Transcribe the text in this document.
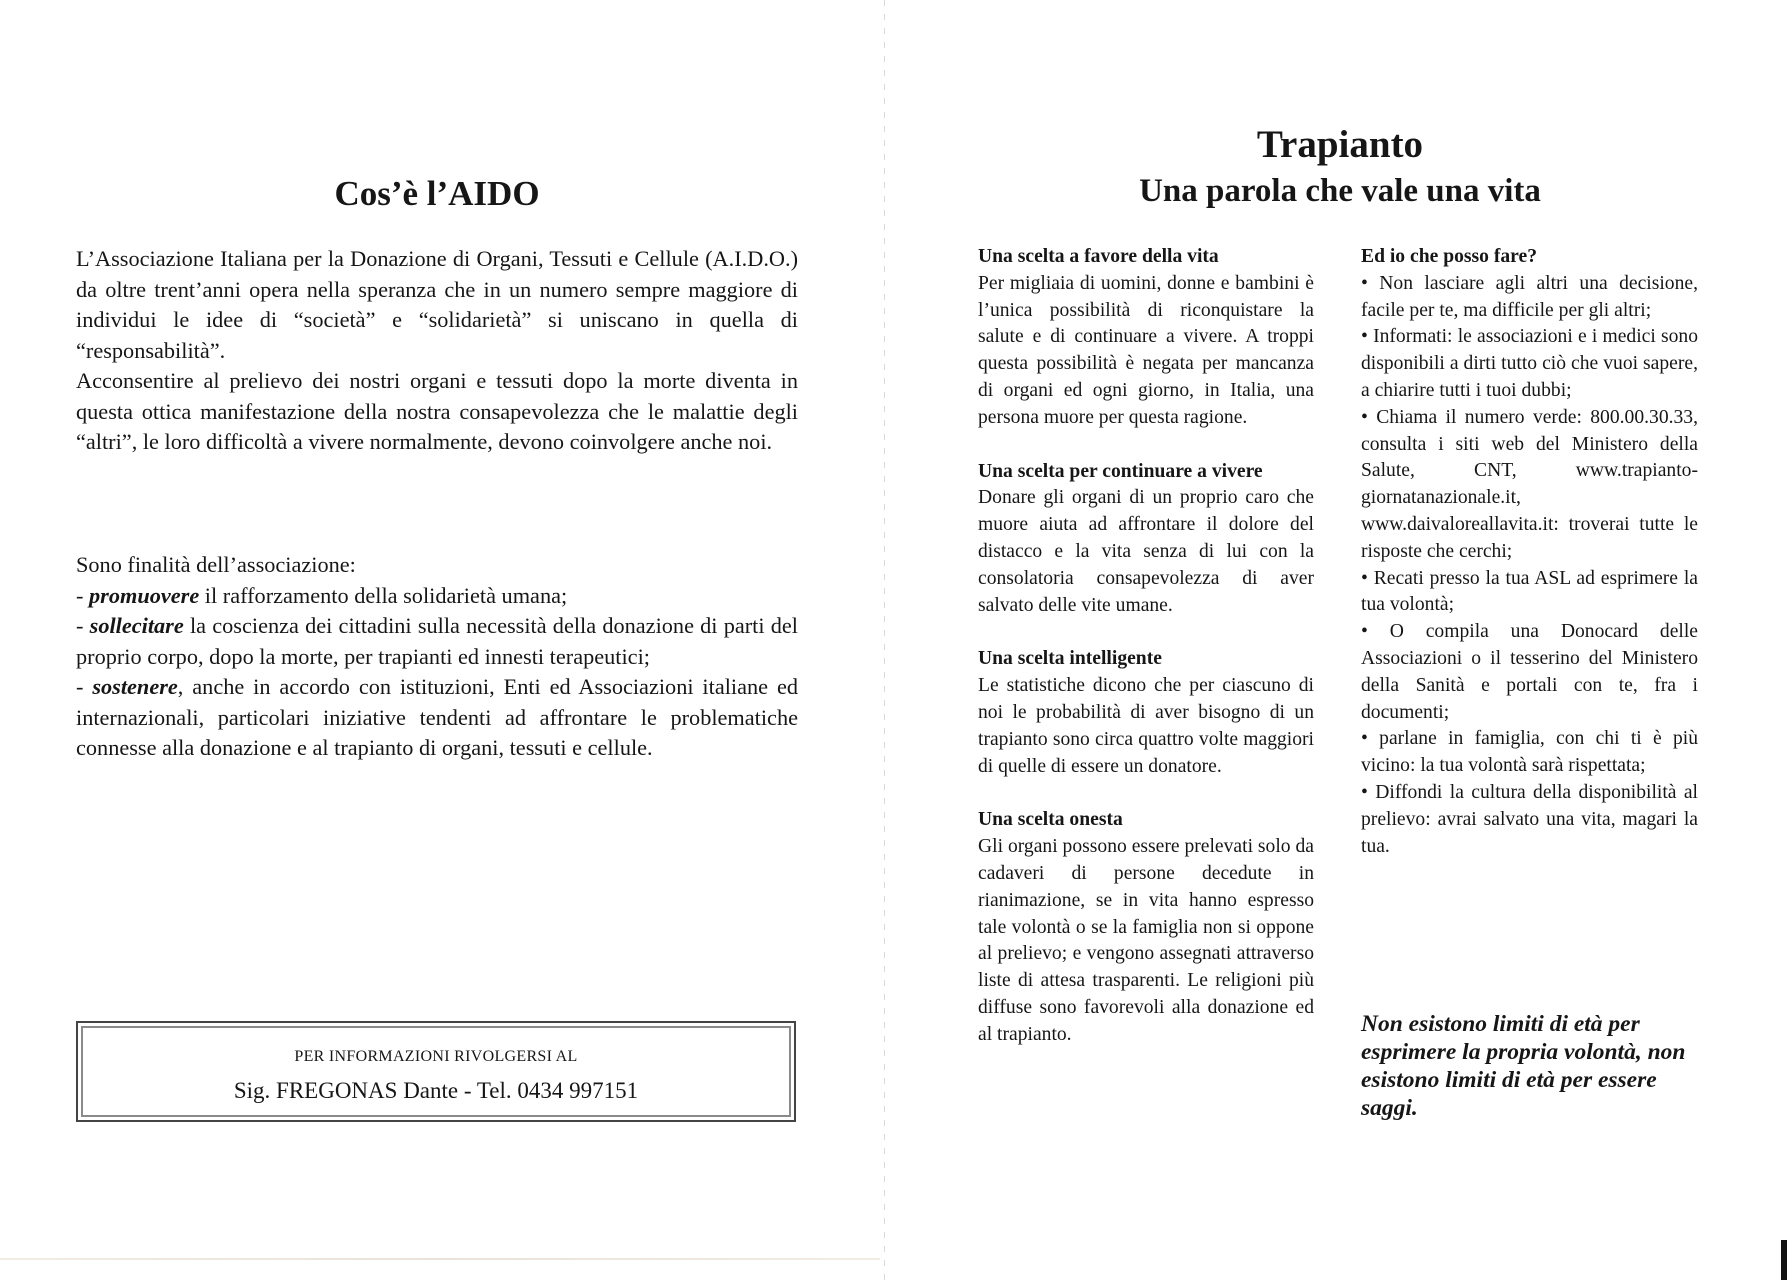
Cos’è l’AIDO

L’Associazione Italiana per la Donazione di Organi, Tessuti e Cellule (A.I.D.O.) da oltre trent’anni opera nella speranza che in un numero sempre maggiore di individui le idee di “società” e “solidarietà” si uniscano in quella di “responsabilità”.

Acconsentire al prelievo dei nostri organi e tessuti dopo la morte diventa in questa ottica manifestazione della nostra consapevolezza che le malattie degli “altri”, le loro difficoltà a vivere normalmente, devono coinvolgere anche noi.

Sono finalità dell’associazione:

- promuovere il rafforzamento della solidarietà umana;

- sollecitare la coscienza dei cittadini sulla necessità della donazione di parti del proprio corpo, dopo la morte, per trapianti ed innesti terapeutici;

- sostenere, anche in accordo con istituzioni, Enti ed Associazioni italiane ed internazionali, particolari iniziative tendenti ad affrontare le problematiche connesse alla donazione e al trapianto di organi, tessuti e cellule.

PER INFORMAZIONI RIVOLGERSI AL
Sig. FREGONAS Dante - Tel. 0434 997151
Trapianto
Una parola che vale una vita
Una scelta a favore della vita

Per migliaia di uomini, donne e bambini è l’unica possibilità di riconquistare la salute e di continuare a vivere. A troppi questa possibilità è negata per mancanza di organi ed ogni giorno, in Italia, una persona muore per questa ragione.

Una scelta per continuare a vivere

Donare gli organi di un proprio caro che muore aiuta ad affrontare il dolore del distacco e la vita senza di lui con la consolatoria consapevolezza di aver salvato delle vite umane.

Una scelta intelligente

Le statistiche dicono che per ciascuno di noi le probabilità di aver bisogno di un trapianto sono circa quattro volte maggiori di quelle di essere un donatore.

Una scelta onesta

Gli organi possono essere prelevati solo da cadaveri di persone decedute in rianimazione, se in vita hanno espresso tale volontà o se la famiglia non si oppone al prelievo; e vengono assegnati attraverso liste di attesa trasparenti. Le religioni più diffuse sono favorevoli alla donazione ed al trapianto.

Ed io che posso fare?
• Non lasciare agli altri una decisione, facile per te, ma difficile per gli altri;
• Informati: le associazioni e i medici sono disponibili a dirti tutto ciò che vuoi sapere, a chiarire tutti i tuoi dubbi;
• Chiama il numero verde: 800.00.30.33, consulta i siti web del Ministero della Salute, CNT, www.trapianto-giornatanazionale.it, www.daivaloreallavita.it: troverai tutte le risposte che cerchi;
• Recati presso la tua ASL ad esprimere la tua volontà;
• O compila una Donocard delle Associazioni o il tesserino del Ministero della Sanità e portali con te, fra i documenti;
• parlane in famiglia, con chi ti è più vicino: la tua volontà sarà rispettata;
• Diffondi la cultura della disponibilità al prelievo: avrai salvato una vita, magari la tua.
Non esistono limiti di età per esprimere la propria volontà, non esistono limiti di età per essere saggi.
